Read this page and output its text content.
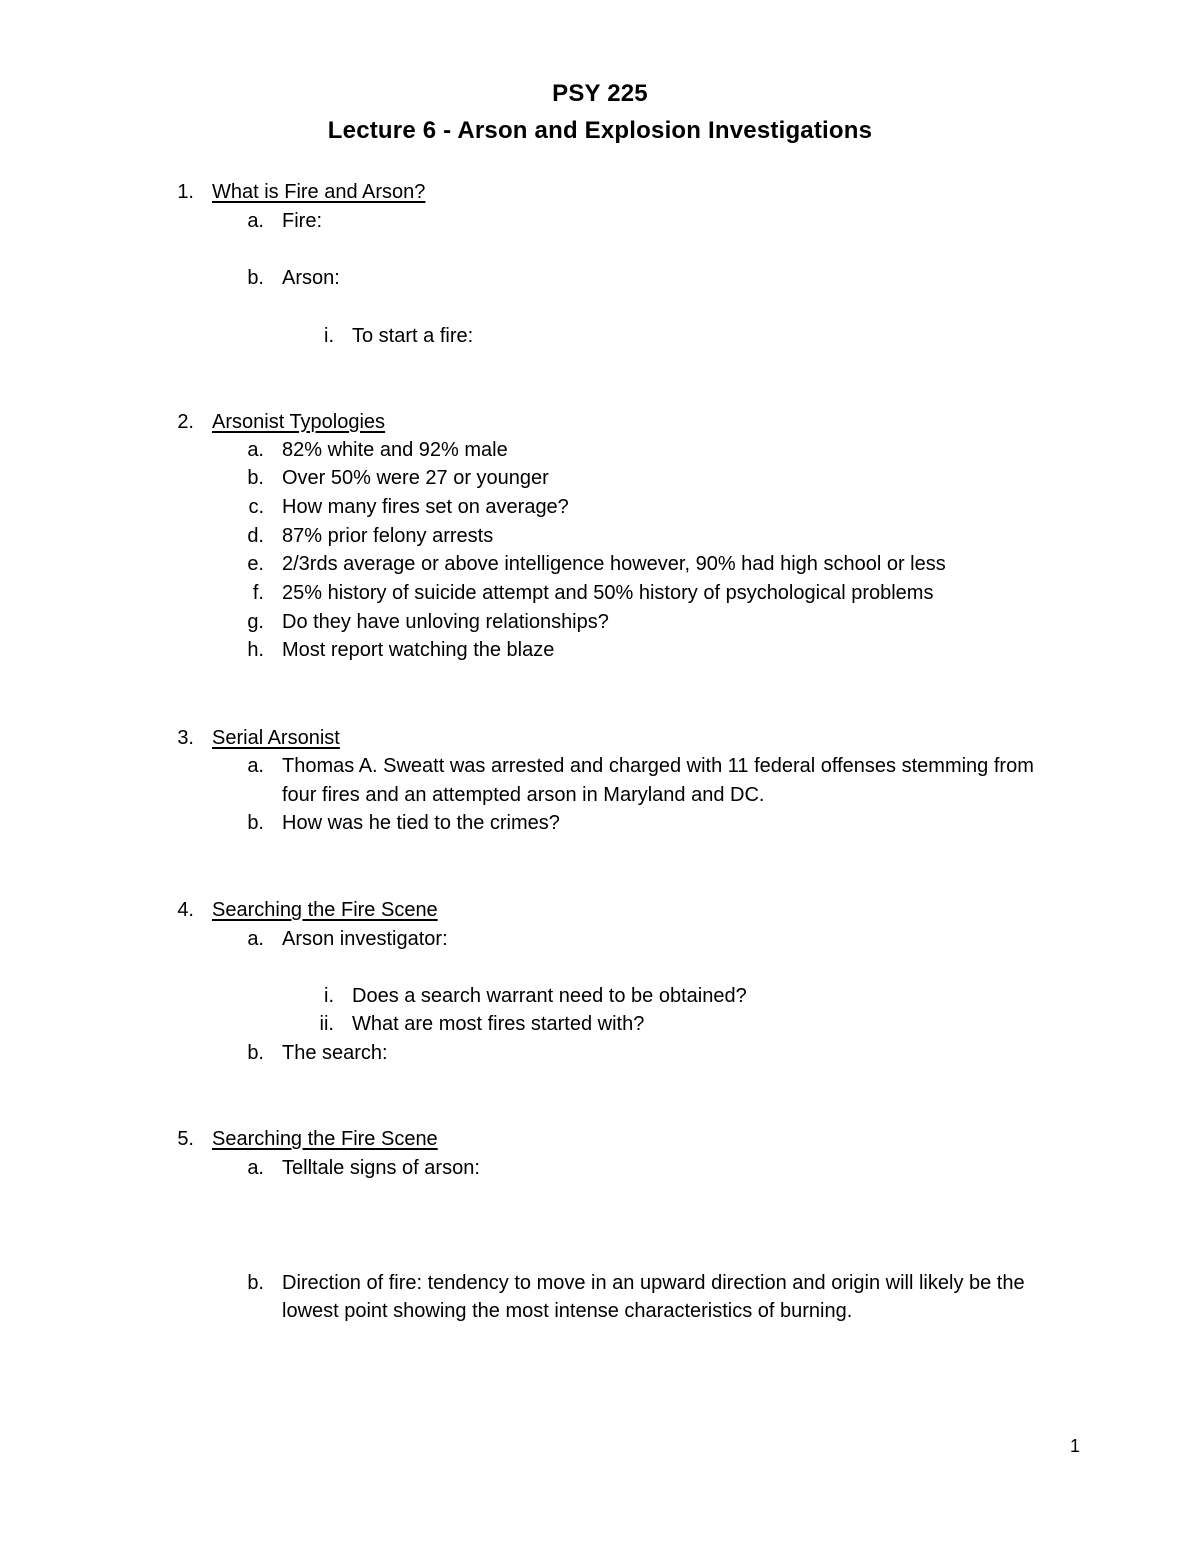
PSY 225
Lecture 6 - Arson and Explosion Investigations
1. What is Fire and Arson?
a. Fire:
b. Arson:
i. To start a fire:
2. Arsonist Typologies
a. 82% white and 92% male
b. Over 50% were 27 or younger
c. How many fires set on average?
d. 87% prior felony arrests
e. 2/3rds average or above intelligence however, 90% had high school or less
f. 25% history of suicide attempt and 50% history of psychological problems
g. Do they have unloving relationships?
h. Most report watching the blaze
3. Serial Arsonist
a. Thomas A. Sweatt was arrested and charged with 11 federal offenses stemming from
four fires and an attempted arson in Maryland and DC.
b. How was he tied to the crimes?
4. Searching the Fire Scene
a. Arson investigator:
i. Does a search warrant need to be obtained?
ii. What are most fires started with?
b. The search:
5. Searching the Fire Scene
a. Telltale signs of arson:
b. Direction of fire: tendency to move in an upward direction and origin will likely be the
lowest point showing the most intense characteristics of burning.
1
